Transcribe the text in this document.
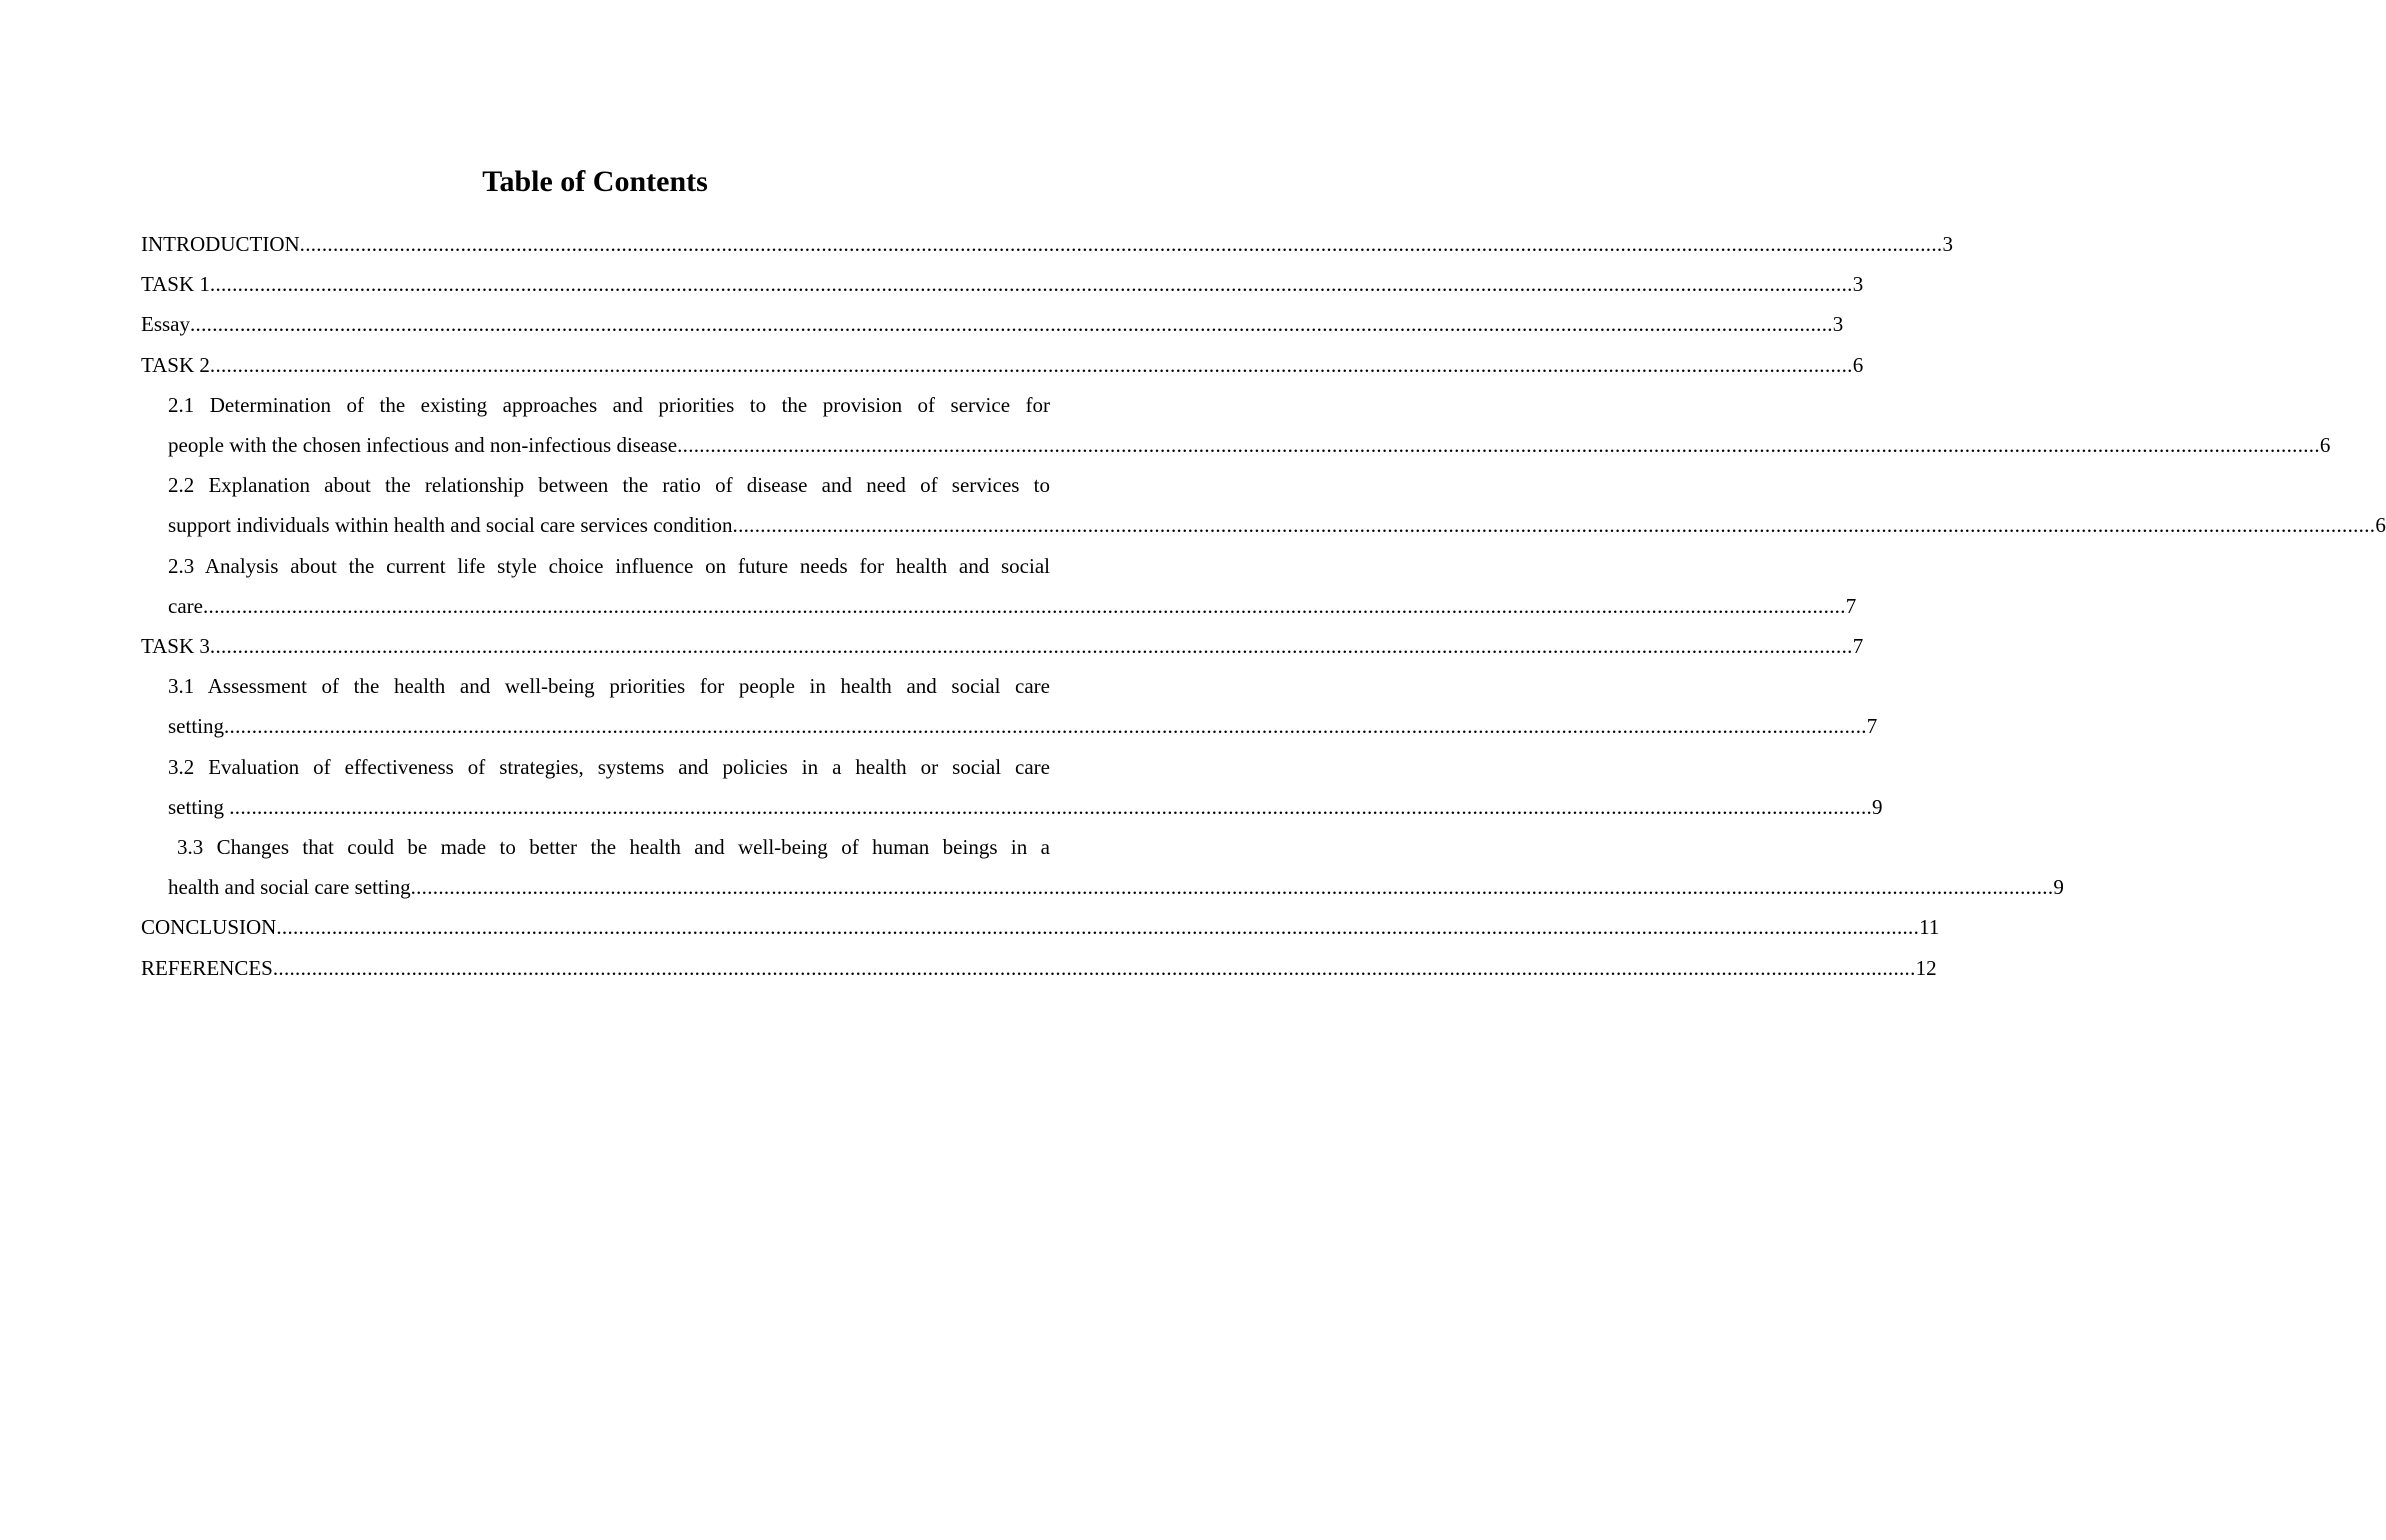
Table of Contents
INTRODUCTION ........................................................................................................................................................................................................................................................................................................ 3
TASK 1 ........................................................................................................................................................................................................................................................................................................ 3
Essay ........................................................................................................................................................................................................................................................................................................ 3
TASK 2 ........................................................................................................................................................................................................................................................................................................ 6
2.1 Determination of the existing approaches and priorities to the provision of service for
people with the chosen infectious and non-infectious disease ........................................................................................................................................................................................................................................................................................................ 6
2.2 Explanation about the relationship between the ratio of disease and need of services to
support individuals within health and social care services condition ........................................................................................................................................................................................................................................................................................................ 6
2.3 Analysis about the current life style choice influence on future needs for health and social
care ........................................................................................................................................................................................................................................................................................................ 7
TASK 3 ........................................................................................................................................................................................................................................................................................................ 7
3.1 Assessment of the health and well-being priorities for people in health and social care
setting ........................................................................................................................................................................................................................................................................................................ 7
3.2 Evaluation of effectiveness of strategies, systems and policies in a health or social care
setting ........................................................................................................................................................................................................................................................................................................ 9
3.3 Changes that could be made to better the health and well-being of human beings in a
health and social care setting ........................................................................................................................................................................................................................................................................................................ 9
CONCLUSION ........................................................................................................................................................................................................................................................................................................ 11
REFERENCES ........................................................................................................................................................................................................................................................................................................ 12
